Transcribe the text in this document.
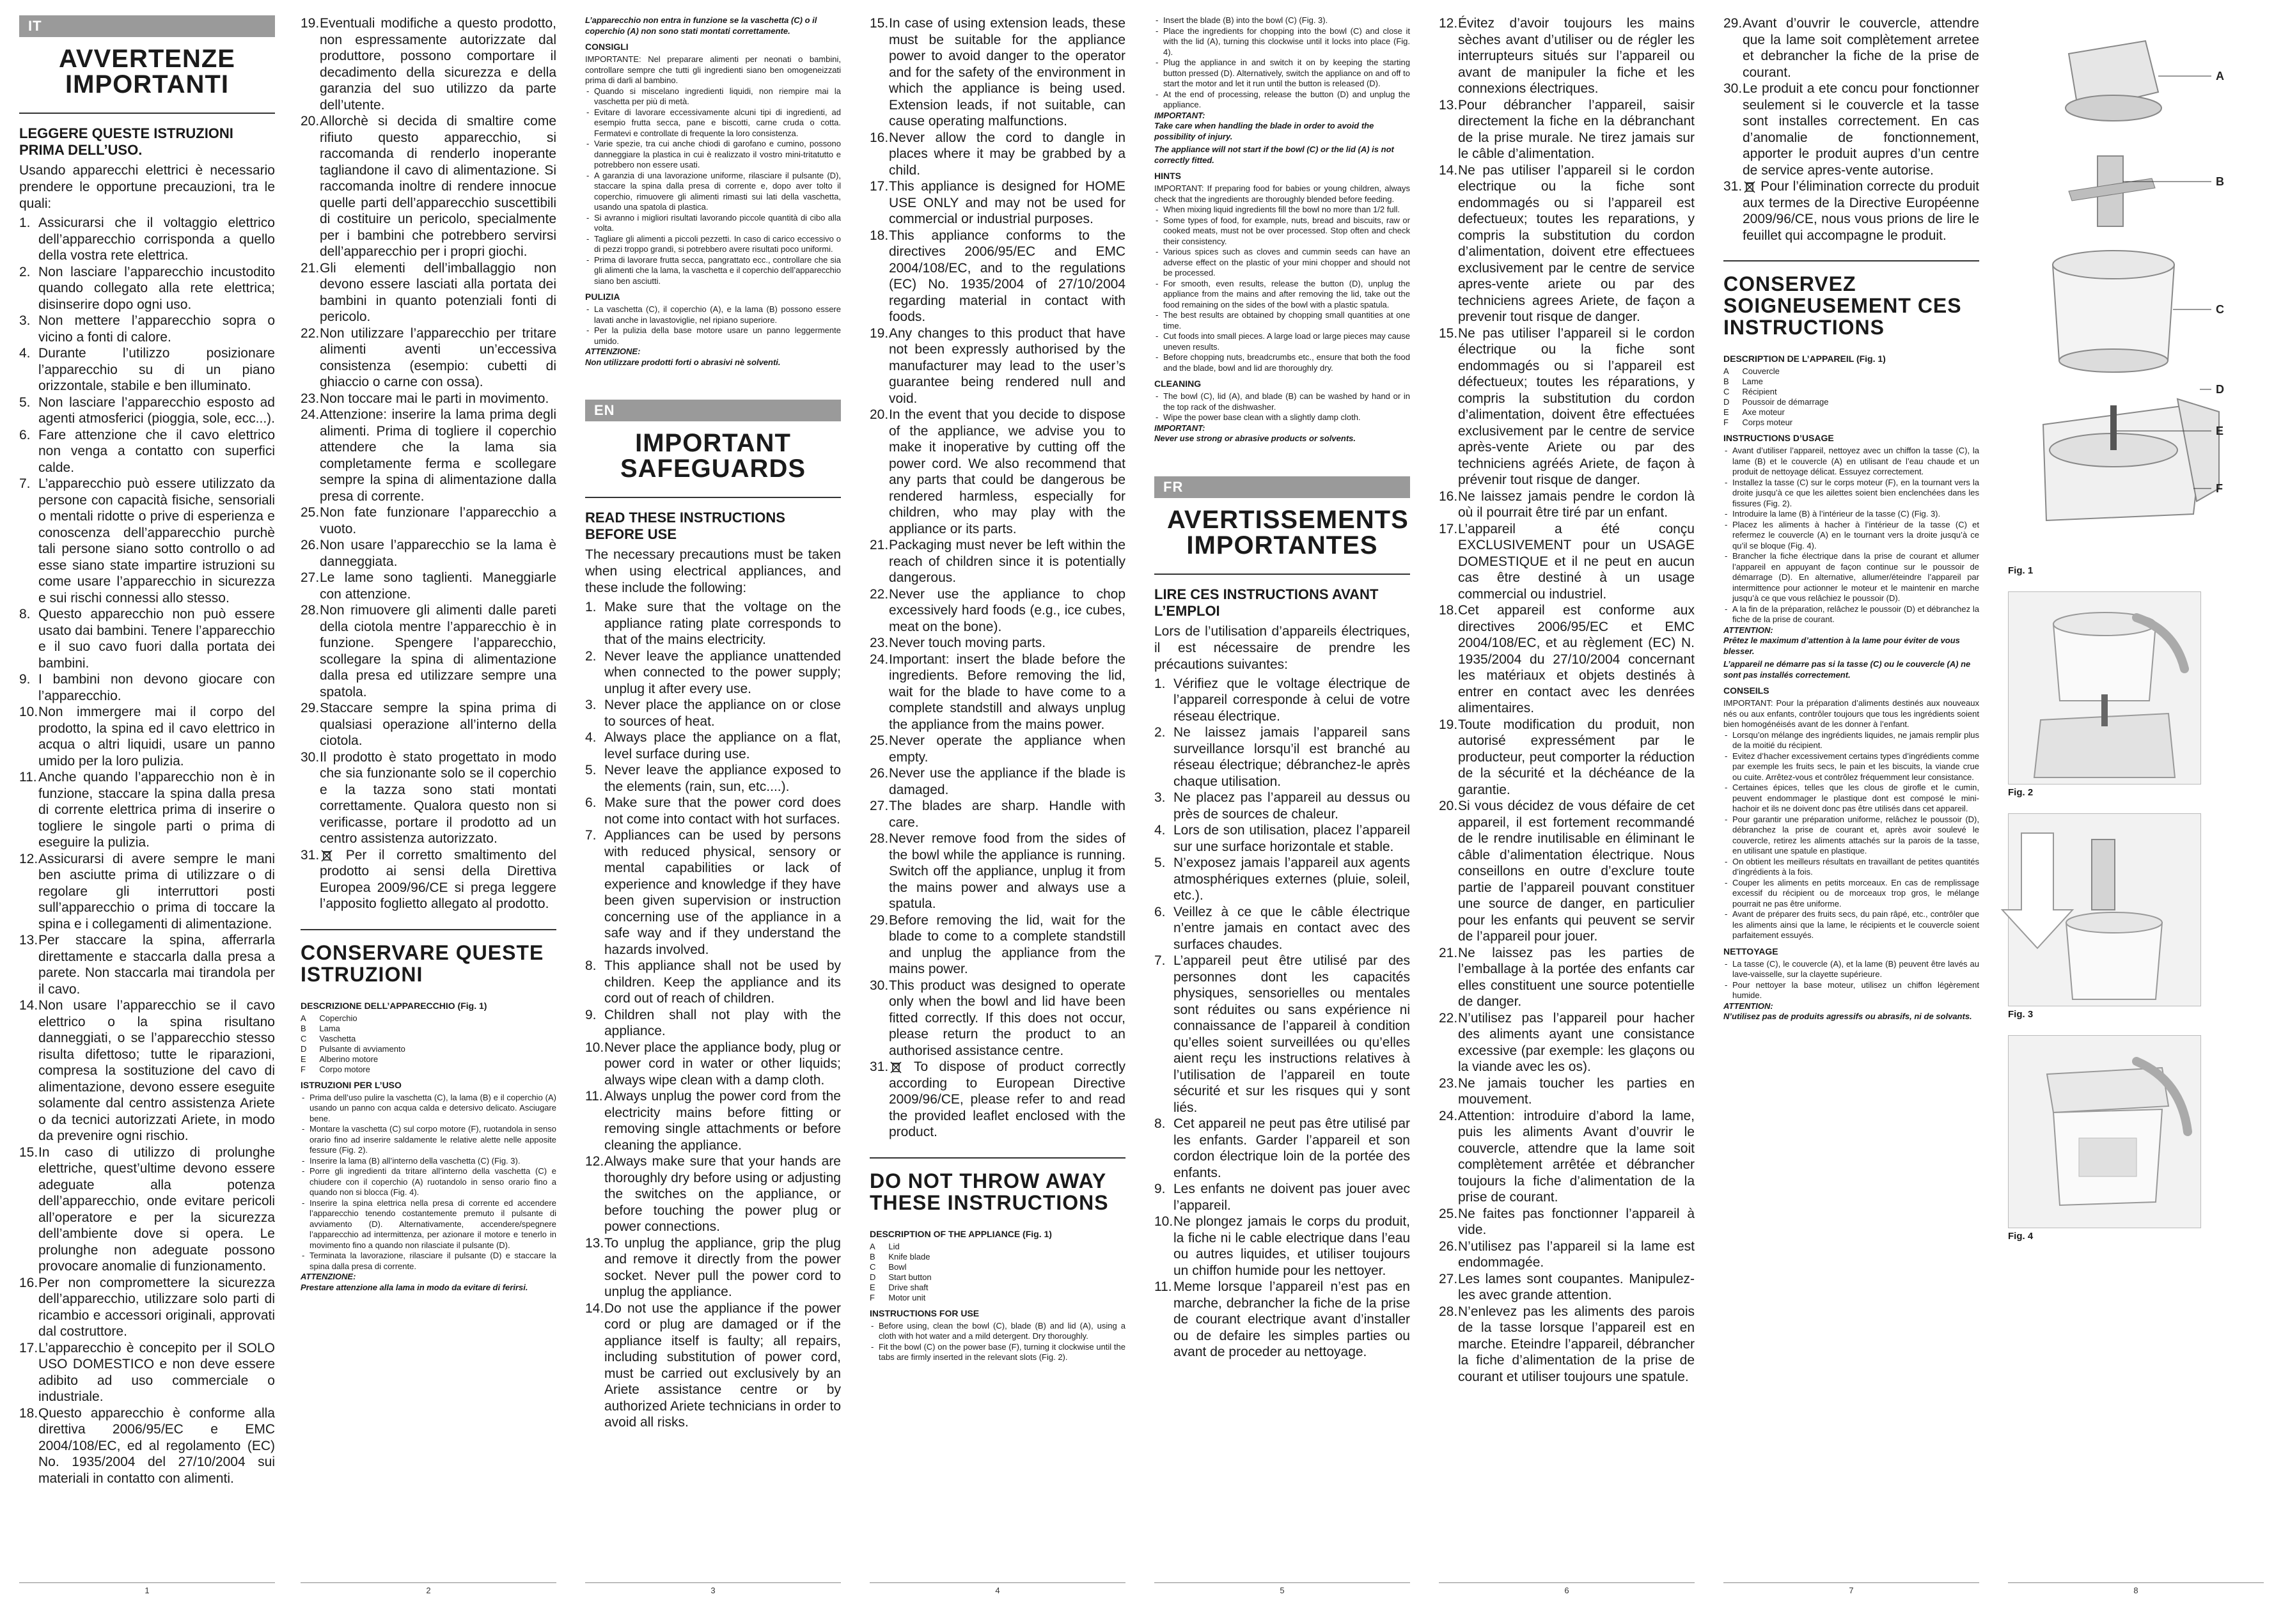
IT
AVVERTENZE IMPORTANTI
LEGGERE QUESTE ISTRUZIONI PRIMA DELL’USO.
Usando apparecchi elettrici è necessario prendere le opportune precauzioni, tra le quali:
1. Assicurarsi che il voltaggio elettrico dell’apparecchio corrisponda a quello della vostra rete elettrica.
2. Non lasciare l’apparecchio incustodito quando collegato alla rete elettrica; disinserire dopo ogni uso.
3. Non mettere l’apparecchio sopra o vicino a fonti di calore.
4. Durante l’utilizzo posizionare l’apparecchio su di un piano orizzontale, stabile e ben illuminato.
5. Non lasciare l’apparecchio esposto ad agenti atmosferici (pioggia, sole, ecc...).
6. Fare attenzione che il cavo elettrico non venga a contatto con superfici calde.
7. L’apparecchio può essere utilizzato da persone con capacità fisiche, sensoriali o mentali ridotte o prive di esperienza e conoscenza dell’apparecchio purchè tali persone siano sotto controllo o ad esse siano state impartire istruzioni su come usare l’apparecchio in sicurezza e sui rischi connessi allo stesso.
8. Questo apparecchio non può essere usato dai bambini. Tenere l’apparecchio e il suo cavo fuori dalla portata dei bambini.
9. I bambini non devono giocare con l’apparecchio.
10. Non immergere mai il corpo del prodotto, la spina ed il cavo elettrico in acqua o altri liquidi, usare un panno umido per la loro pulizia.
11. Anche quando l’apparecchio non è in funzione, staccare la spina dalla presa di corrente elettrica prima di inserire o togliere le singole parti o prima di eseguire la pulizia.
12. Assicurarsi di avere sempre le mani ben asciutte prima di utilizzare o di regolare gli interruttori posti sull’apparecchio o prima di toccare la spina e i collegamenti di alimentazione.
13. Per staccare la spina, afferrarla direttamente e staccarla dalla presa a parete. Non staccarla mai tirandola per il cavo.
14. Non usare l’apparecchio se il cavo elettrico o la spina risultano danneggiati, o se l’apparecchio stesso risulta difettoso; tutte le riparazioni, compresa la sostituzione del cavo di alimentazione, devono essere eseguite solamente dal centro assistenza Ariete o da tecnici autorizzati Ariete, in modo da prevenire ogni rischio.
15. In caso di utilizzo di prolunghe elettriche, quest’ultime devono essere adeguate alla potenza dell’apparecchio, onde evitare pericoli all’operatore e per la sicurezza dell’ambiente dove si opera. Le prolunghe non adeguate possono provocare anomalie di funzionamento.
16. Per non compromettere la sicurezza dell’apparecchio, utilizzare solo parti di ricambio e accessori originali, approvati dal costruttore.
17. L’apparecchio è concepito per il SOLO USO DOMESTICO e non deve essere adibito ad uso commerciale o industriale.
18. Questo apparecchio è conforme alla direttiva 2006/95/EC e EMC 2004/108/EC, ed al regolamento (EC) No. 1935/2004 del 27/10/2004 sui materiali in contatto con alimenti.
19. Eventuali modifiche a questo prodotto, non espressamente autorizzate dal produttore, possono comportare il decadimento della sicurezza e della garanzia del suo utilizzo da parte dell’utente.
20. Allorchè si decida di smaltire come rifiuto questo apparecchio, si raccomanda di renderlo inoperante tagliandone il cavo di alimentazione. Si raccomanda inoltre di rendere innocue quelle parti dell’apparecchio suscettibili di costituire un pericolo, specialmente per i bambini che potrebbero servirsi dell’apparecchio per i propri giochi.
21. Gli elementi dell’imballaggio non devono essere lasciati alla portata dei bambini in quanto potenziali fonti di pericolo.
22. Non utilizzare l’apparecchio per tritare alimenti aventi un’eccessiva consistenza (esempio: cubetti di ghiaccio o carne con ossa).
23. Non toccare mai le parti in movimento.
24. Attenzione: inserire la lama prima degli alimenti. Prima di togliere il coperchio attendere che la lama sia completamente ferma e scollegare sempre la spina di alimentazione dalla presa di corrente.
25. Non fate funzionare l’apparecchio a vuoto.
26. Non usare l’apparecchio se la lama è danneggiata.
27. Le lame sono taglienti. Maneggiarle con attenzione.
28. Non rimuovere gli alimenti dalle pareti della ciotola mentre l’apparecchio è in funzione. Spengere l’apparecchio, scollegare la spina di alimentazione dalla presa ed utilizzare sempre una spatola.
29. Staccare sempre la spina prima di qualsiasi operazione all’interno della ciotola.
30. Il prodotto è stato progettato in modo che sia funzionante solo se il coperchio e la tazza sono stati montati correttamente. Qualora questo non si verificasse, portare il prodotto ad un centro assistenza autorizzato.
31. Per il corretto smaltimento del prodotto ai sensi della Direttiva Europea 2009/96/CE si prega leggere l’apposito foglietto allegato al prodotto.
CONSERVARE QUESTE ISTRUZIONI
DESCRIZIONE DELL’APPARECCHIO (Fig. 1)
A	Coperchio
B	Lama
C	Vaschetta
D	Pulsante di avviamento
E	Alberino motore
F	Corpo motore
ISTRUZIONI PER L’USO
- Prima dell’uso pulire la vaschetta (C), la lama (B) e il coperchio (A) usando un panno con acqua calda e detersivo delicato. Asciugare bene.
- Montare la vaschetta (C) sul corpo motore (F), ruotandola in senso orario fino ad inserire saldamente le relative alette nelle apposite fessure (Fig. 2).
- Inserire la lama (B) all’interno della vaschetta (C) (Fig. 3).
- Porre gli ingredienti da tritare all’interno della vaschetta (C) e chiudere con il coperchio (A) ruotandolo in senso orario fino a quando non si blocca (Fig. 4).
- Inserire la spina elettrica nella presa di corrente ed accendere l’apparecchio tenendo costantemente premuto il pulsante di avviamento (D). Alternativamente, accendere/spegnere l’apparecchio ad intermittenza, per azionare il motore e tenerlo in movimento fino a quando non rilasciate il pulsante (D).
- Terminata la lavorazione, rilasciare il pulsante (D) e staccare la spina dalla presa di corrente.
ATTENZIONE:
Prestare attenzione alla lama in modo da evitare di ferirsi.
L’apparecchio non entra in funzione se la vaschetta (C) o il coperchio (A) non sono stati montati correttamente.
CONSIGLI
IMPORTANTE: Nel preparare alimenti per neonati o bambini, controllare sempre che tutti gli ingredienti siano ben omogeneizzati prima di darli al bambino.
- Quando si miscelano ingredienti liquidi, non riempire mai la vaschetta per più di metà.
- Evitare di lavorare eccessivamente alcuni tipi di ingredienti, ad esempio frutta secca, pane e biscotti, carne cruda o cotta. Fermatevi e controllate di frequente la loro consistenza.
- Varie spezie, tra cui anche chiodi di garofano e cumino, possono danneggiare la plastica in cui è realizzato il vostro mini-tritatutto e potrebbero non essere usati.
- A garanzia di una lavorazione uniforme, rilasciare il pulsante (D), staccare la spina dalla presa di corrente e, dopo aver tolto il coperchio, rimuovere gli alimenti rimasti sui lati della vaschetta, usando una spatola di plastica.
- Si avranno i migliori risultati lavorando piccole quantità di cibo alla volta.
- Tagliare gli alimenti a piccoli pezzetti. In caso di carico eccessivo o di pezzi troppo grandi, si potrebbero avere risultati poco uniformi.
- Prima di lavorare frutta secca, pangrattato ecc., controllare che sia gli alimenti che la lama, la vaschetta e il coperchio dell’apparecchio siano ben asciutti.
PULIZIA
- La vaschetta (C), il coperchio (A), e la lama (B) possono essere lavati anche in lavastoviglie, nel ripiano superiore.
- Per la pulizia della base motore usare un panno leggermente umido.
ATTENZIONE:
Non utilizzare prodotti forti o abrasivi nè solventi.
EN
IMPORTANT SAFEGUARDS
READ THESE INSTRUCTIONS BEFORE USE
The necessary precautions must be taken when using electrical appliances, and these include the following:
1. Make sure that the voltage on the appliance rating plate corresponds to that of the mains electricity.
2. Never leave the appliance unattended when connected to the power supply; unplug it after every use.
3. Never place the appliance on or close to sources of heat.
4. Always place the appliance on a flat, level surface during use.
5. Never leave the appliance exposed to the elements (rain, sun, etc....).
6. Make sure that the power cord does not come into contact with hot surfaces.
7. Appliances can be used by persons with reduced physical, sensory or mental capabilities or lack of experience and knowledge if they have been given supervision or instruction concerning use of the appliance in a safe way and if they understand the hazards involved.
8. This appliance shall not be used by children. Keep the appliance and its cord out of reach of children.
9. Children shall not play with the appliance.
10. Never place the appliance body, plug or power cord in water or other liquids; always wipe clean with a damp cloth.
11. Always unplug the power cord from the electricity mains before fitting or removing single attachments or before cleaning the appliance.
12. Always make sure that your hands are thoroughly dry before using or adjusting the switches on the appliance, or before touching the power plug or power connections.
13. To unplug the appliance, grip the plug and remove it directly from the power socket. Never pull the power cord to unplug the appliance.
14. Do not use the appliance if the power cord or plug are damaged or if the appliance itself is faulty; all repairs, including substitution of power cord, must be carried out exclusively by an Ariete assistance centre or by authorized Ariete technicians in order to avoid all risks.
15. In case of using extension leads, these must be suitable for the appliance power to avoid danger to the operator and for the safety of the environment in which the appliance is being used. Extension leads, if not suitable, can cause operating malfunctions.
16. Never allow the cord to dangle in places where it may be grabbed by a child.
17. This appliance is designed for HOME USE ONLY and may not be used for commercial or industrial purposes.
18. This appliance conforms to the directives 2006/95/EC and EMC 2004/108/EC, and to the regulations (EC) No. 1935/2004 of 27/10/2004 regarding material in contact with foods.
19. Any changes to this product that have not been expressly authorised by the manufacturer may lead to the user’s guarantee being rendered null and void.
20. In the event that you decide to dispose of the appliance, we advise you to make it inoperative by cutting off the power cord. We also recommend that any parts that could be dangerous be rendered harmless, especially for children, who may play with the appliance or its parts.
21. Packaging must never be left within the reach of children since it is potentially dangerous.
22. Never use the appliance to chop excessively hard foods (e.g., ice cubes, meat on the bone).
23. Never touch moving parts.
24. Important: insert the blade before the ingredients. Before removing the lid, wait for the blade to have come to a complete standstill and always unplug the appliance from the mains power.
25. Never operate the appliance when empty.
26. Never use the appliance if the blade is damaged.
27. The blades are sharp. Handle with care.
28. Never remove food from the sides of the bowl while the appliance is running. Switch off the appliance, unplug it from the mains power and always use a spatula.
29. Before removing the lid, wait for the blade to come to a complete standstill and unplug the appliance from the mains power.
30. This product was designed to operate only when the bowl and lid have been fitted correctly. If this does not occur, please return the product to an authorised assistance centre.
31. To dispose of product correctly according to European Directive 2009/96/CE, please refer to and read the provided leaflet enclosed with the product.
DO NOT THROW AWAY THESE INSTRUCTIONS
DESCRIPTION OF THE APPLIANCE (Fig. 1)
A	Lid
B	Knife blade
C	Bowl
D	Start button
E	Drive shaft
F	Motor unit
INSTRUCTIONS FOR USE
- Before using, clean the bowl (C), blade (B) and lid (A), using a cloth with hot water and a mild detergent. Dry thoroughly.
- Fit the bowl (C) on the power base (F), turning it clockwise until the tabs are firmly inserted in the relevant slots (Fig. 2).
- Insert the blade (B) into the bowl (C) (Fig. 3).
- Place the ingredients for chopping into the bowl (C) and close it with the lid (A), turning this clockwise until it locks into place (Fig. 4).
- Plug the appliance in and switch it on by keeping the starting button pressed (D). Alternatively, switch the appliance on and off to start the motor and let it run until the button is released (D).
- At the end of processing, release the button (D) and unplug the appliance.
IMPORTANT:
Take care when handling the blade in order to avoid the possibility of injury.
The appliance will not start if the bowl (C) or the lid (A) is not correctly fitted.
HINTS
IMPORTANT: If preparing food for babies or young children, always check that the ingredients are thoroughly blended before feeding.
- When mixing liquid ingredients fill the bowl no more than 1/2 full.
- Some types of food, for example, nuts, bread and biscuits, raw or cooked meats, must not be over processed. Stop often and check their consistency.
- Various spices such as cloves and cummin seeds can have an adverse effect on the plastic of your mini chopper and should not be processed.
- For smooth, even results, release the button (D), unplug the appliance from the mains and after removing the lid, take out the food remaining on the sides of the bowl with a plastic spatula.
- The best results are obtained by chopping small quantities at one time.
- Cut foods into small pieces. A large load or large pieces may cause uneven results.
- Before chopping nuts, breadcrumbs etc., ensure that both the food and the blade, bowl and lid are thoroughly dry.
CLEANING
- The bowl (C), lid (A), and blade (B) can be washed by hand or in the top rack of the dishwasher.
- Wipe the power base clean with a slightly damp cloth.
IMPORTANT:
Never use strong or abrasive products or solvents.
FR
AVERTISSEMENTS IMPORTANTES
LIRE CES INSTRUCTIONS AVANT L’EMPLOI
Lors de l’utilisation d’appareils électriques, il est nécessaire de prendre les précautions suivantes:
1. Vérifiez que le voltage électrique de l’appareil corresponde à celui de votre réseau électrique.
2. Ne laissez jamais l’appareil sans surveillance lorsqu’il est branché au réseau électrique; débranchez-le après chaque utilisation.
3. Ne placez pas l’appareil au dessus ou près de sources de chaleur.
4. Lors de son utilisation, placez l’appareil sur une surface horizontale et stable.
5. N’exposez jamais l’appareil aux agents atmosphériques externes (pluie, soleil, etc.).
6. Veillez à ce que le câble électrique n’entre jamais en contact avec des surfaces chaudes.
7. L’appareil peut être utilisé par des personnes dont les capacités physiques, sensorielles ou mentales sont réduites ou sans expérience ni connaissance de l’appareil à condition qu’elles soient surveillées ou qu’elles aient reçu les instructions relatives à l’utilisation de l’appareil en toute sécurité et sur les risques qui y sont liés.
8. Cet appareil ne peut pas être utilisé par les enfants. Garder l’appareil et son cordon électrique loin de la portée des enfants.
9. Les enfants ne doivent pas jouer avec l’appareil.
10. Ne plongez jamais le corps du produit, la fiche ni le cable electrique dans l’eau ou autres liquides, et utiliser toujours un chiffon humide pour les nettoyer.
11. Meme lorsque l’appareil n’est pas en marche, debrancher la fiche de la prise de courant electrique avant d’installer ou de defaire les simples parties ou avant de proceder au nettoyage.
12. Évitez d’avoir toujours les mains sèches avant d’utiliser ou de régler les interrupteurs situés sur l’appareil ou avant de manipuler la fiche et les connexions électriques.
13. Pour débrancher l’appareil, saisir directement la fiche en la débranchant de la prise murale. Ne tirez jamais sur le câble d’alimentation.
14. Ne pas utiliser l’appareil si le cordon electrique ou la fiche sont endommagés ou si l’appareil est defectueux; toutes les reparations, y compris la substitution du cordon d’alimentation, doivent etre effectuees exclusivement par le centre de service apres-vente ariete ou par des techniciens agrees Ariete, de façon a prevenir tout risque de danger.
15. Ne pas utiliser l’appareil si le cordon électrique ou la fiche sont endommagés ou si l’appareil est défectueux; toutes les réparations, y compris la substitution du cordon d’alimentation, doivent être effectuées exclusivement par le centre de service après-vente Ariete ou par des techniciens agréés Ariete, de façon à prévenir tout risque de danger.
16. Ne laissez jamais pendre le cordon là où il pourrait être tiré par un enfant.
17. L’appareil a été conçu EXCLUSIVEMENT pour un USAGE DOMESTIQUE et il ne peut en aucun cas être destiné à un usage commercial ou industriel.
18. Cet appareil est conforme aux directives 2006/95/EC et EMC 2004/108/EC, et au règlement (EC) N. 1935/2004 du 27/10/2004 concernant les matériaux et objets destinés à entrer en contact avec les denrées alimentaires.
19. Toute modification du produit, non autorisé expressément par le producteur, peut comporter la réduction de la sécurité et la déchéance de la garantie.
20. Si vous décidez de vous défaire de cet appareil, il est fortement recommandé de le rendre inutilisable en éliminant le câble d’alimentation électrique. Nous conseillons en outre d’exclure toute partie de l’appareil pouvant constituer une source de danger, en particulier pour les enfants qui peuvent se servir de l’appareil pour jouer.
21. Ne laissez pas les parties de l’emballage à la portée des enfants car elles constituent une source potentielle de danger.
22. N’utilisez pas l’appareil pour hacher des aliments ayant une consistance excessive (par exemple: les glaçons ou la viande avec les os).
23. Ne jamais toucher les parties en mouvement.
24. Attention: introduire d’abord la lame, puis les aliments Avant d’ouvrir le couvercle, attendre que la lame soit complètement arrêtée et débrancher toujours la fiche d’alimentation de la prise de courant.
25. Ne faites pas fonctionner l’appareil à vide.
26. N’utilisez pas l’appareil si la lame est endommagée.
27. Les lames sont coupantes. Manipulez-les avec grande attention.
28. N’enlevez pas les aliments des parois de la tasse lorsque l’appareil est en marche. Eteindre l’appareil, débrancher la fiche d’alimentation de la prise de courant et utiliser toujours une spatule.
29. Avant d’ouvrir le couvercle, attendre que la lame soit complètement arretee et debrancher la fiche de la prise de courant.
30. Le produit a ete concu pour fonctionner seulement si le couvercle et la tasse sont installes correctement. En cas d’anomalie de fonctionnement, apporter le produit aupres d’un centre de service apres-vente autorise.
31. Pour l’élimination correcte du produit aux termes de la Directive Européenne 2009/96/CE, nous vous prions de lire le feuillet qui accompagne le produit.
CONSERVEZ SOIGNEUSEMENT CES INSTRUCTIONS
DESCRIPTION DE L’APPAREIL (Fig. 1)
A	Couvercle
B	Lame
C	Récipient
D	Poussoir de démarrage
E	Axe moteur
F	Corps moteur
INSTRUCTIONS D’USAGE
- Avant d’utiliser l’appareil, nettoyez avec un chiffon la tasse (C), la lame (B) et le couvercle (A) en utilisant de l’eau chaude et un produit de nettoyage délicat. Essuyez correctement.
- Installez la tasse (C) sur le corps moteur (F), en la tournant vers la droite jusqu’à ce que les ailettes soient bien enclenchées dans les fissures (Fig. 2).
- Introduire la lame (B) à l’intérieur de la tasse (C) (Fig. 3).
- Placez les aliments à hacher à l’intérieur de la tasse (C) et refermez le couvercle (A) en le tournant vers la droite jusqu’à ce qu’il se bloque (Fig. 4).
- Brancher la fiche électrique dans la prise de courant et allumer l’appareil en appuyant de façon continue sur le poussoir de démarrage (D). En alternative, allumer/éteindre l’appareil par intermittence pour actionner le moteur et le maintenir en marche jusqu’à ce que vous relâchiez le poussoir (D).
- A la fin de la préparation, relâchez le poussoir (D) et débranchez la fiche de la prise de courant.
ATTENTION:
Prêtez le maximum d’attention à la lame pour éviter de vous blesser.
L’appareil ne démarre pas si la tasse (C) ou le couvercle (A) ne sont pas installés correctement.
CONSEILS
IMPORTANT: Pour la préparation d’aliments destinés aux nouveaux nés ou aux enfants, contrôler toujours que tous les ingrédients soient bien homogénéisés avant de les donner à l’enfant.
- Lorsqu’on mélange des ingrédients liquides, ne jamais remplir plus de la moitié du récipient.
- Evitez d’hacher excessivement certains types d’ingrédients comme par exemple les fruits secs, le pain et les biscuits, la viande crue ou cuite. Arrêtez-vous et contrôlez fréquemment leur consistance.
- Certaines épices, telles que les clous de girofle et le cumin, peuvent endommager le plastique dont est composé le mini-hachoir et ils ne doivent donc pas être utilisés dans cet appareil.
- Pour garantir une préparation uniforme, relâchez le poussoir (D), débranchez la prise de courant et, après avoir soulevé le couvercle, retirez les aliments attachés sur la parois de la tasse, en utilisant une spatule en plastique.
- On obtient les meilleurs résultats en travaillant de petites quantités d’ingrédients à la fois.
- Couper les aliments en petits morceaux. En cas de remplissage excessif du récipient ou de morceaux trop gros, le mélange pourrait ne pas être uniforme.
- Avant de préparer des fruits secs, du pain râpé, etc., contrôler que les aliments ainsi que la lame, le récipients et le couvercle soient parfaitement essuyés.
NETTOYAGE
- La tasse (C), le couvercle (A), et la lame (B) peuvent être lavés au lave-vaisselle, sur la clayette supérieure.
- Pour nettoyer la base moteur, utilisez un chiffon légèrement humide.
ATTENTION:
N’utilisez pas de produits agressifs ou abrasifs, ni de solvants.
A
B
C
D
E
F
Fig. 1
Fig. 2
Fig. 3
Fig. 4
1	2	3	4	5	6	7	8
